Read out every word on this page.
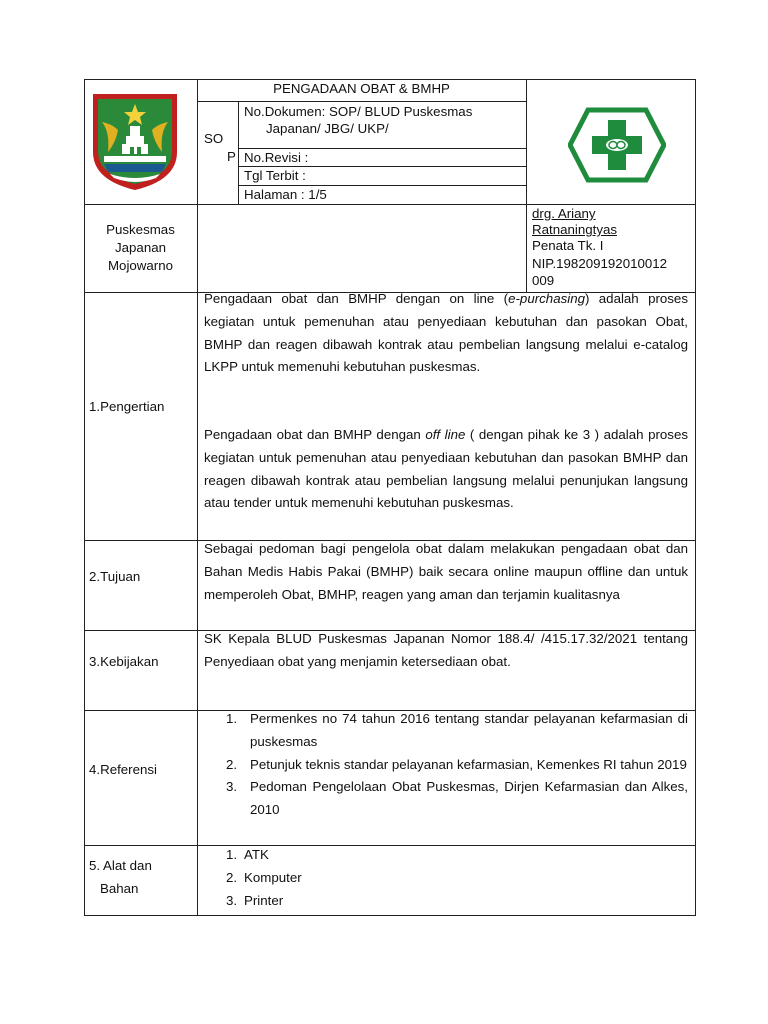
PENGADAAN OBAT & BMHP
SO
P
No.Dokumen: SOP/ BLUD Puskesmas
Japanan/ JBG/ UKP/
No.Revisi :
Tgl Terbit :
Halaman : 1/5
Puskesmas
Japanan
Mojowarno
drg. Ariany
Ratnaningtyas
Penata Tk. I
NIP.198209192010012
009
1.Pengertian
Pengadaan obat dan BMHP dengan on line (e-purchasing) adalah proses kegiatan untuk pemenuhan atau penyediaan kebutuhan dan pasokan Obat, BMHP dan reagen dibawah kontrak atau pembelian langsung melalui e-catalog LKPP untuk memenuhi kebutuhan puskesmas.
Pengadaan obat dan BMHP dengan off line ( dengan pihak ke 3 ) adalah proses kegiatan untuk pemenuhan atau penyediaan kebutuhan dan pasokan BMHP dan reagen dibawah kontrak atau pembelian langsung melalui penunjukan langsung atau tender untuk memenuhi kebutuhan puskesmas.
2.Tujuan
Sebagai pedoman bagi pengelola obat dalam melakukan pengadaan obat dan Bahan Medis Habis Pakai (BMHP) baik secara online maupun offline dan untuk memperoleh Obat, BMHP, reagen yang aman dan terjamin kualitasnya
3.Kebijakan
SK Kepala BLUD Puskesmas Japanan Nomor 188.4/ /415.17.32/2021 tentang Penyediaan obat yang menjamin ketersediaan obat.
4.Referensi
1. Permenkes no 74 tahun 2016 tentang standar pelayanan kefarmasian di puskesmas
2. Petunjuk teknis standar pelayanan kefarmasian, Kemenkes RI tahun 2019
3. Pedoman Pengelolaan Obat Puskesmas, Dirjen Kefarmasian dan Alkes, 2010
5. Alat dan
Bahan
1. ATK
2. Komputer
3. Printer
